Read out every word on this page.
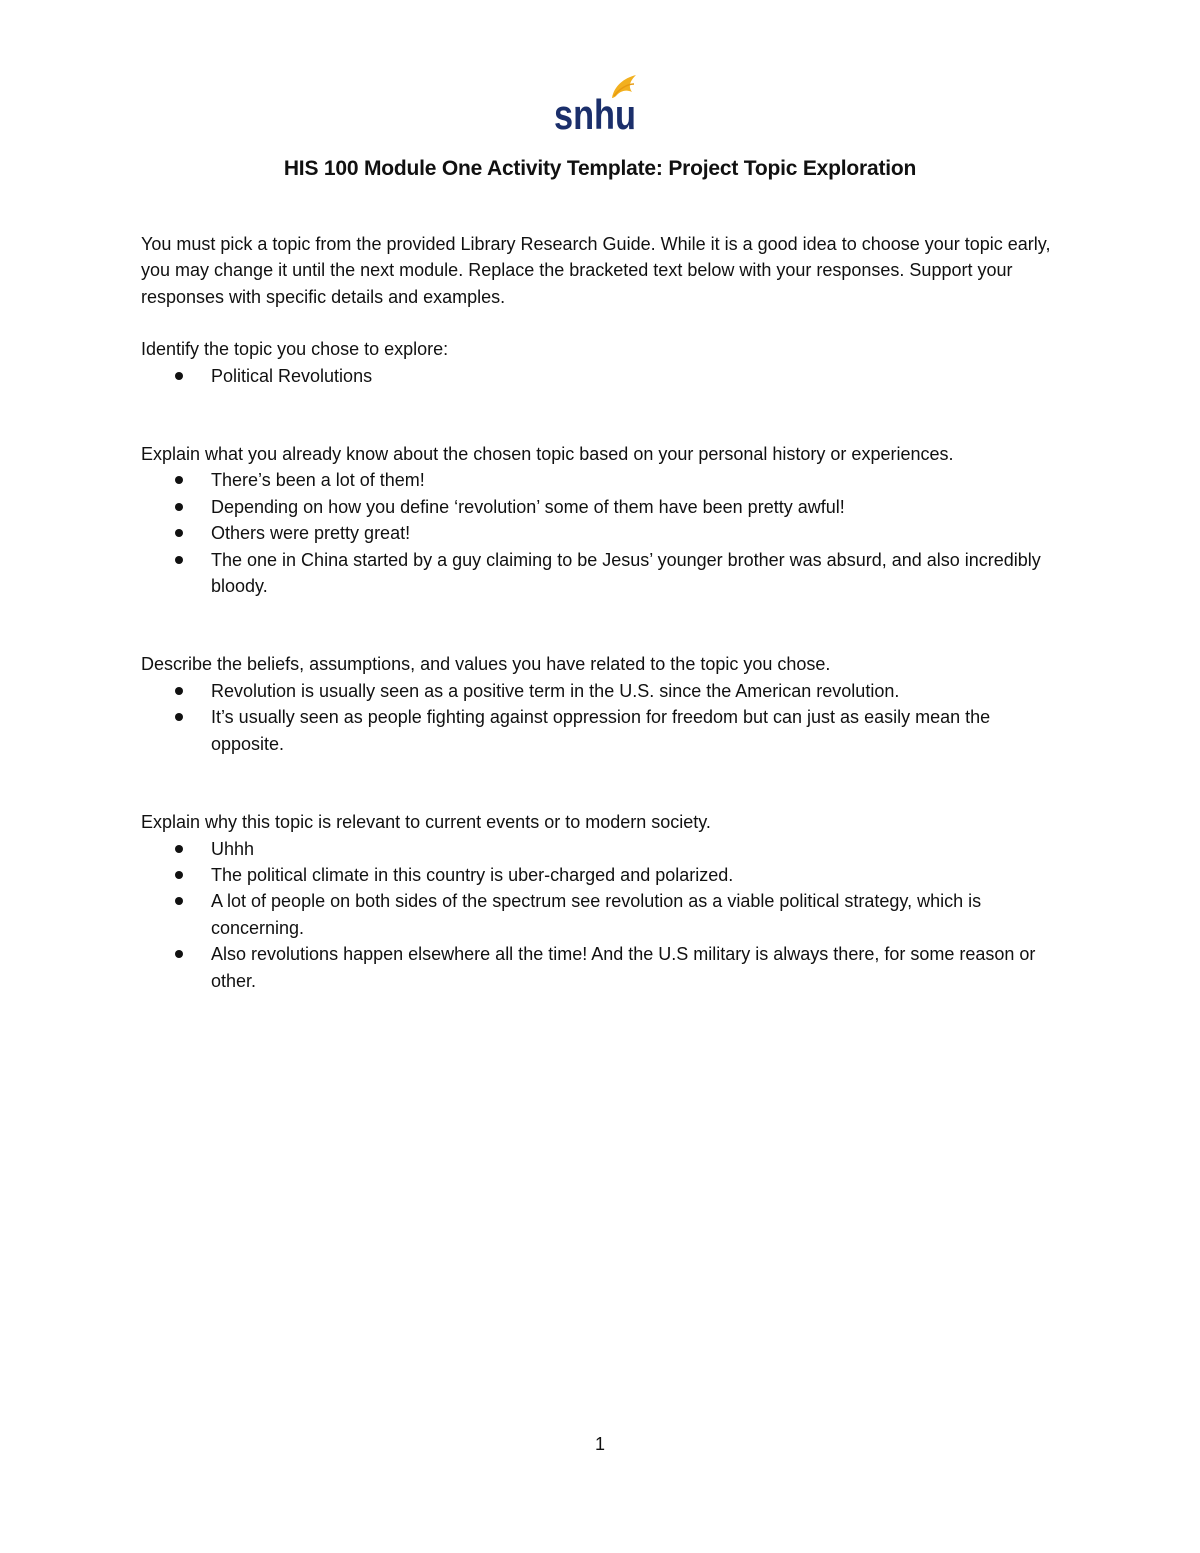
snhu
HIS 100 Module One Activity Template: Project Topic Exploration

You must pick a topic from the provided Library Research Guide. While it is a good idea to choose your topic early, you may change it until the next module. Replace the bracketed text below with your responses. Support your responses with specific details and examples.

Identify the topic you chose to explore:

Political Revolutions

Explain what you already know about the chosen topic based on your personal history or experiences.

There’s been a lot of them!
Depending on how you define ‘revolution’ some of them have been pretty awful!
Others were pretty great!
The one in China started by a guy claiming to be Jesus’ younger brother was absurd, and also incredibly bloody.

Describe the beliefs, assumptions, and values you have related to the topic you chose.

Revolution is usually seen as a positive term in the U.S. since the American revolution.
It’s usually seen as people fighting against oppression for freedom but can just as easily mean the opposite.

Explain why this topic is relevant to current events or to modern society.

Uhhh
The political climate in this country is uber-charged and polarized.
A lot of people on both sides of the spectrum see revolution as a viable political strategy, which is concerning.
Also revolutions happen elsewhere all the time! And the U.S military is always there, for some reason or other.
1
